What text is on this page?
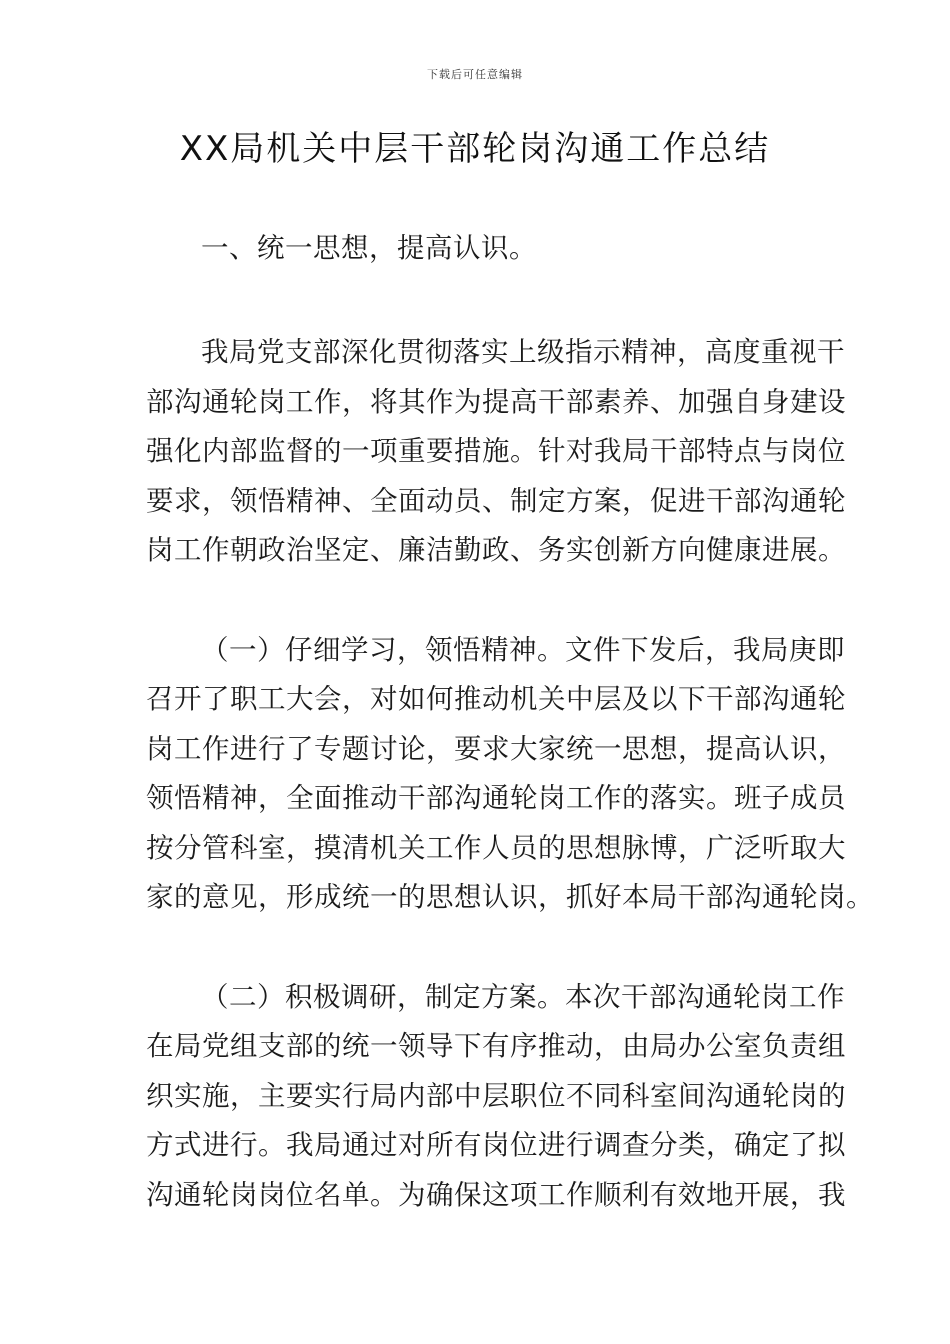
下载后可任意编辑
XX局机关中层干部轮岗沟通工作总结

一、统一思想，提高认识。

我局党支部深化贯彻落实上级指示精神，高度重视干
部沟通轮岗工作，将其作为提高干部素养、加强自身建设
强化内部监督的一项重要措施。针对我局干部特点与岗位
要求，领悟精神、全面动员、制定方案，促进干部沟通轮
岗工作朝政治坚定、廉洁勤政、务实创新方向健康进展。

（一）仔细学习，领悟精神。文件下发后，我局庚即
召开了职工大会，对如何推动机关中层及以下干部沟通轮
岗工作进行了专题讨论，要求大家统一思想，提高认识，
领悟精神，全面推动干部沟通轮岗工作的落实。班子成员
按分管科室，摸清机关工作人员的思想脉博，广泛听取大
家的意见，形成统一的思想认识，抓好本局干部沟通轮岗。

（二）积极调研，制定方案。本次干部沟通轮岗工作
在局党组支部的统一领导下有序推动，由局办公室负责组
织实施，主要实行局内部中层职位不同科室间沟通轮岗的
方式进行。我局通过对所有岗位进行调查分类，确定了拟
沟通轮岗岗位名单。为确保这项工作顺利有效地开展，我
